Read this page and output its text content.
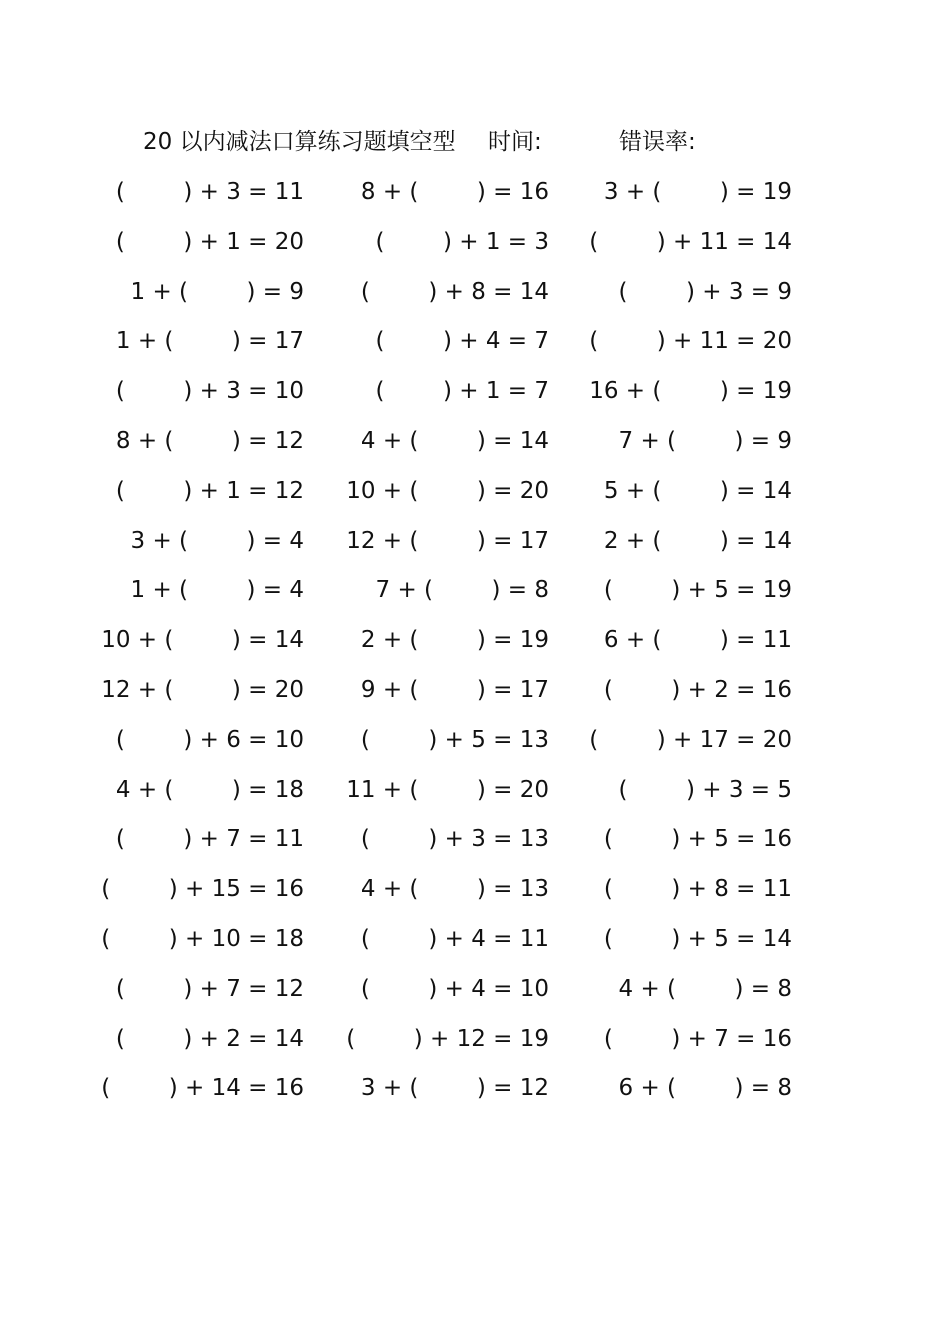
20 以内减法口算练习题填空型 时间:	错误率:
(        ) + 3 = 11	8 + (        ) = 16	3 + (        ) = 19
(        ) + 1 = 20	(        ) + 1 = 3 (        ) + 11 = 14
1 + (        ) = 9	(        ) + 8 = 14	(        ) + 3 = 9
1 + (        ) = 17	(        ) + 4 = 7 (        ) + 11 = 20
(        ) + 3 = 10	(        ) + 1 = 7 16 + (        ) = 19
8 + (        ) = 12	4 + (        ) = 14	7 + (        ) = 9
(        ) + 1 = 12 10 + (        ) = 20	5 + (        ) = 14
3 + (        ) = 4 12 + (        ) = 17	2 + (        ) = 14
1 + (        ) = 4	7 + (        ) = 8	(        ) + 5 = 19
10 + (        ) = 14	2 + (        ) = 19	6 + (        ) = 11
12 + (        ) = 20	9 + (        ) = 17	(        ) + 2 = 16
(        ) + 6 = 10	(        ) + 5 = 13 (        ) + 17 = 20
4 + (        ) = 18 11 + (        ) = 20	(        ) + 3 = 5
(        ) + 7 = 11	(        ) + 3 = 13	(        ) + 5 = 16
(        ) + 15 = 16	4 + (        ) = 13	(        ) + 8 = 11
(        ) + 10 = 18	(        ) + 4 = 11	(        ) + 5 = 14
(        ) + 7 = 12	(        ) + 4 = 10	4 + (        ) = 8
(        ) + 2 = 14 (        ) + 12 = 19	(        ) + 7 = 16
(        ) + 14 = 16	3 + (        ) = 12	6 + (        ) = 8
